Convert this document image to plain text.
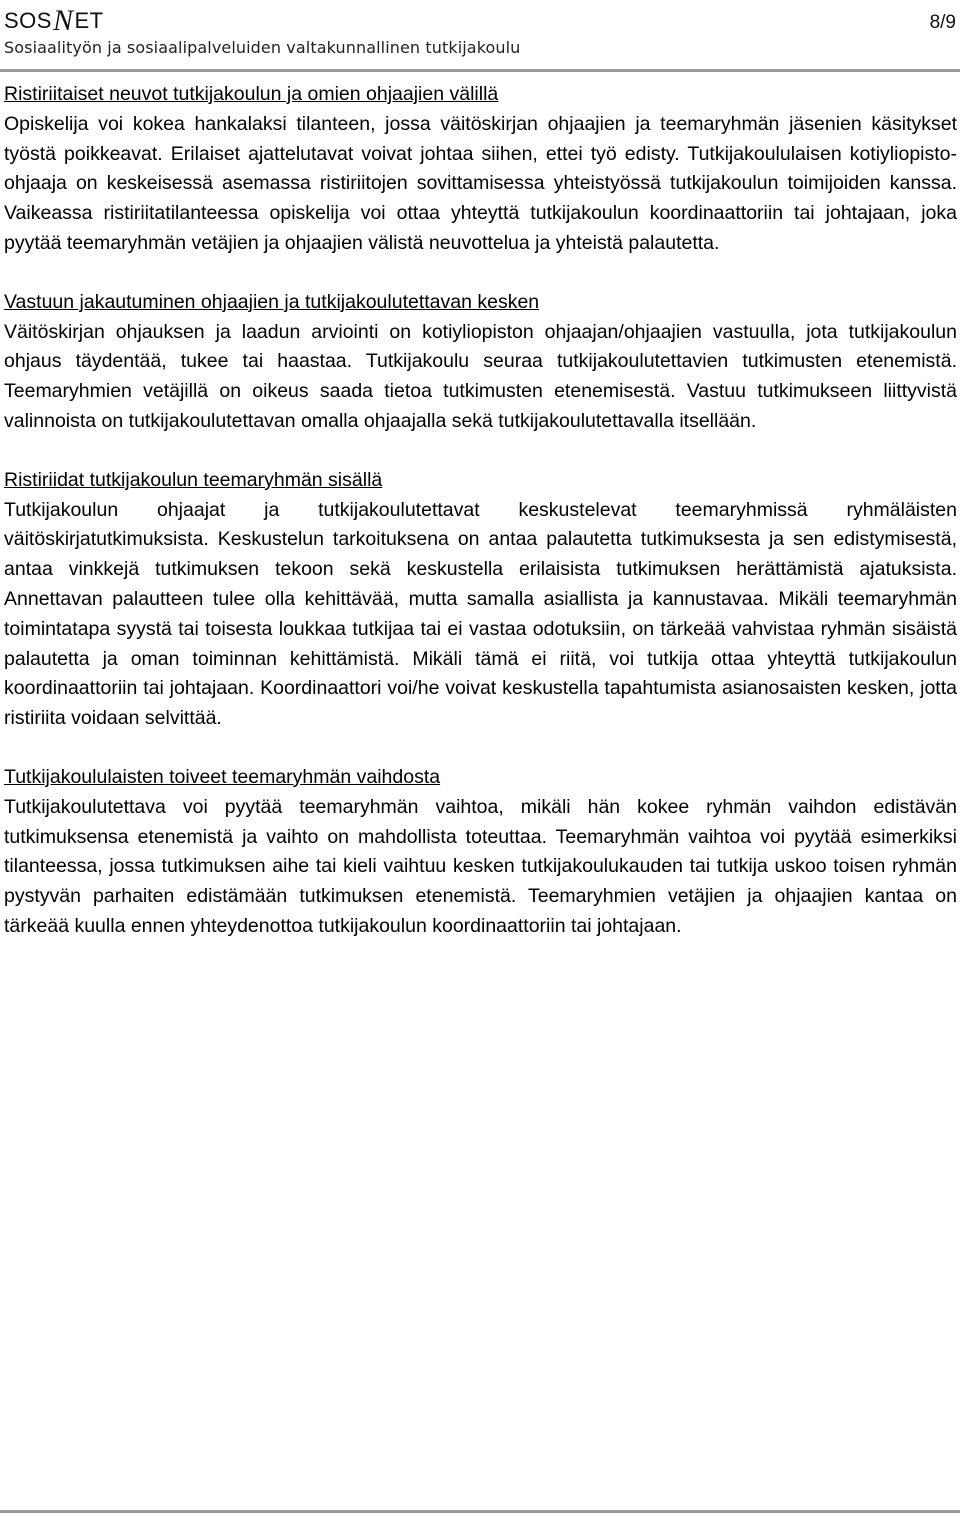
SOS N ET
Sosiaalityön ja sosiaalipalveluiden valtakunnallinen tutkijakoulu
8/9
Ristiriitaiset neuvot tutkijakoulun ja omien ohjaajien välillä

Opiskelija voi kokea hankalaksi tilanteen, jossa väitöskirjan ohjaajien ja teemaryhmän jäsenien käsitykset työstä poikkeavat. Erilaiset ajattelutavat voivat johtaa siihen, ettei työ edisty. Tutkijakoululaisen kotiyliopisto-ohjaaja on keskeisessä asemassa ristiriitojen sovittamisessa yhteistyössä tutkijakoulun toimijoiden kanssa. Vaikeassa ristiriitatilanteessa opiskelija voi ottaa yhteyttä tutkijakoulun koordinaattoriin tai johtajaan, joka pyytää teemaryhmän vetäjien ja ohjaajien välistä neuvottelua ja yhteistä palautetta.

Vastuun jakautuminen ohjaajien ja tutkijakoulutettavan kesken

Väitöskirjan ohjauksen ja laadun arviointi on kotiyliopiston ohjaajan/ohjaajien vastuulla, jota tutkijakoulun ohjaus täydentää, tukee tai haastaa. Tutkijakoulu seuraa tutkijakoulutettavien tutkimusten etenemistä. Teemaryhmien vetäjillä on oikeus saada tietoa tutkimusten etenemisestä. Vastuu tutkimukseen liittyvistä valinnoista on tutkijakoulutettavan omalla ohjaajalla sekä tutkijakoulutettavalla itsellään.

Ristiriidat tutkijakoulun teemaryhmän sisällä

Tutkijakoulun ohjaajat ja tutkijakoulutettavat keskustelevat teemaryhmissä ryhmäläisten väitöskirjatutkimuksista. Keskustelun tarkoituksena on antaa palautetta tutkimuksesta ja sen edistymisestä, antaa vinkkejä tutkimuksen tekoon sekä keskustella erilaisista tutkimuksen herättämistä ajatuksista. Annettavan palautteen tulee olla kehittävää, mutta samalla asiallista ja kannustavaa. Mikäli teemaryhmän toimintatapa syystä tai toisesta loukkaa tutkijaa tai ei vastaa odotuksiin, on tärkeää vahvistaa ryhmän sisäistä palautetta ja oman toiminnan kehittämistä. Mikäli tämä ei riitä, voi tutkija ottaa yhteyttä tutkijakoulun koordinaattoriin tai johtajaan. Koordinaattori voi/he voivat keskustella tapahtumista asianosaisten kesken, jotta ristiriita voidaan selvittää.

Tutkijakoululaisten toiveet teemaryhmän vaihdosta

Tutkijakoulutettava voi pyytää teemaryhmän vaihtoa, mikäli hän kokee ryhmän vaihdon edistävän tutkimuksensa etenemistä ja vaihto on mahdollista toteuttaa. Teemaryhmän vaihtoa voi pyytää esimerkiksi tilanteessa, jossa tutkimuksen aihe tai kieli vaihtuu kesken tutkijakoulukauden tai tutkija uskoo toisen ryhmän pystyvän parhaiten edistämään tutkimuksen etenemistä. Teemaryhmien vetäjien ja ohjaajien kantaa on tärkeää kuulla ennen yhteydenottoa tutkijakoulun koordinaattoriin tai johtajaan.
